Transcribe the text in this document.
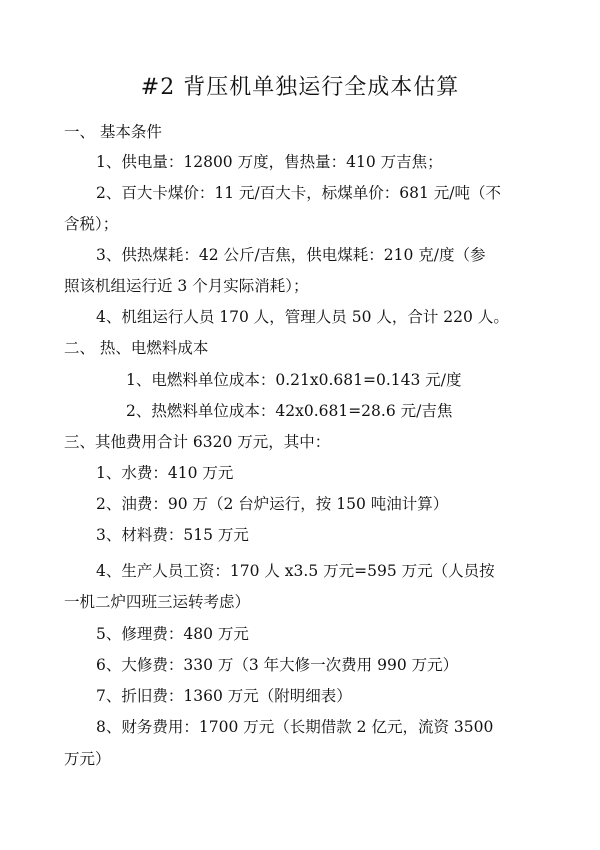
#2 背压机单独运行全成本估算
一、 基本条件
1、供电量：12800 万度，售热量：410 万吉焦；
2、百大卡煤价：11 元/百大卡，标煤单价：681 元/吨（不
含税）；
3、供热煤耗：42 公斤/吉焦，供电煤耗：210 克/度（参
照该机组运行近 3 个月实际消耗）；
4、机组运行人员 170 人，管理人员 50 人，合计 220 人。
二、 热、电燃料成本
1、电燃料单位成本：0.21x0.681=0.143 元/度
2、热燃料单位成本：42x0.681=28.6 元/吉焦
三、其他费用合计 6320 万元，其中：
1、水费：410 万元
2、油费：90 万（2 台炉运行，按 150 吨油计算）
3、材料费：515 万元
4、生产人员工资：170 人 x3.5 万元=595 万元（人员按
一机二炉四班三运转考虑）
5、修理费：480 万元
6、大修费：330 万（3 年大修一次费用 990 万元）
7、折旧费：1360 万元（附明细表）
8、财务费用：1700 万元（长期借款 2 亿元，流资 3500
万元）
